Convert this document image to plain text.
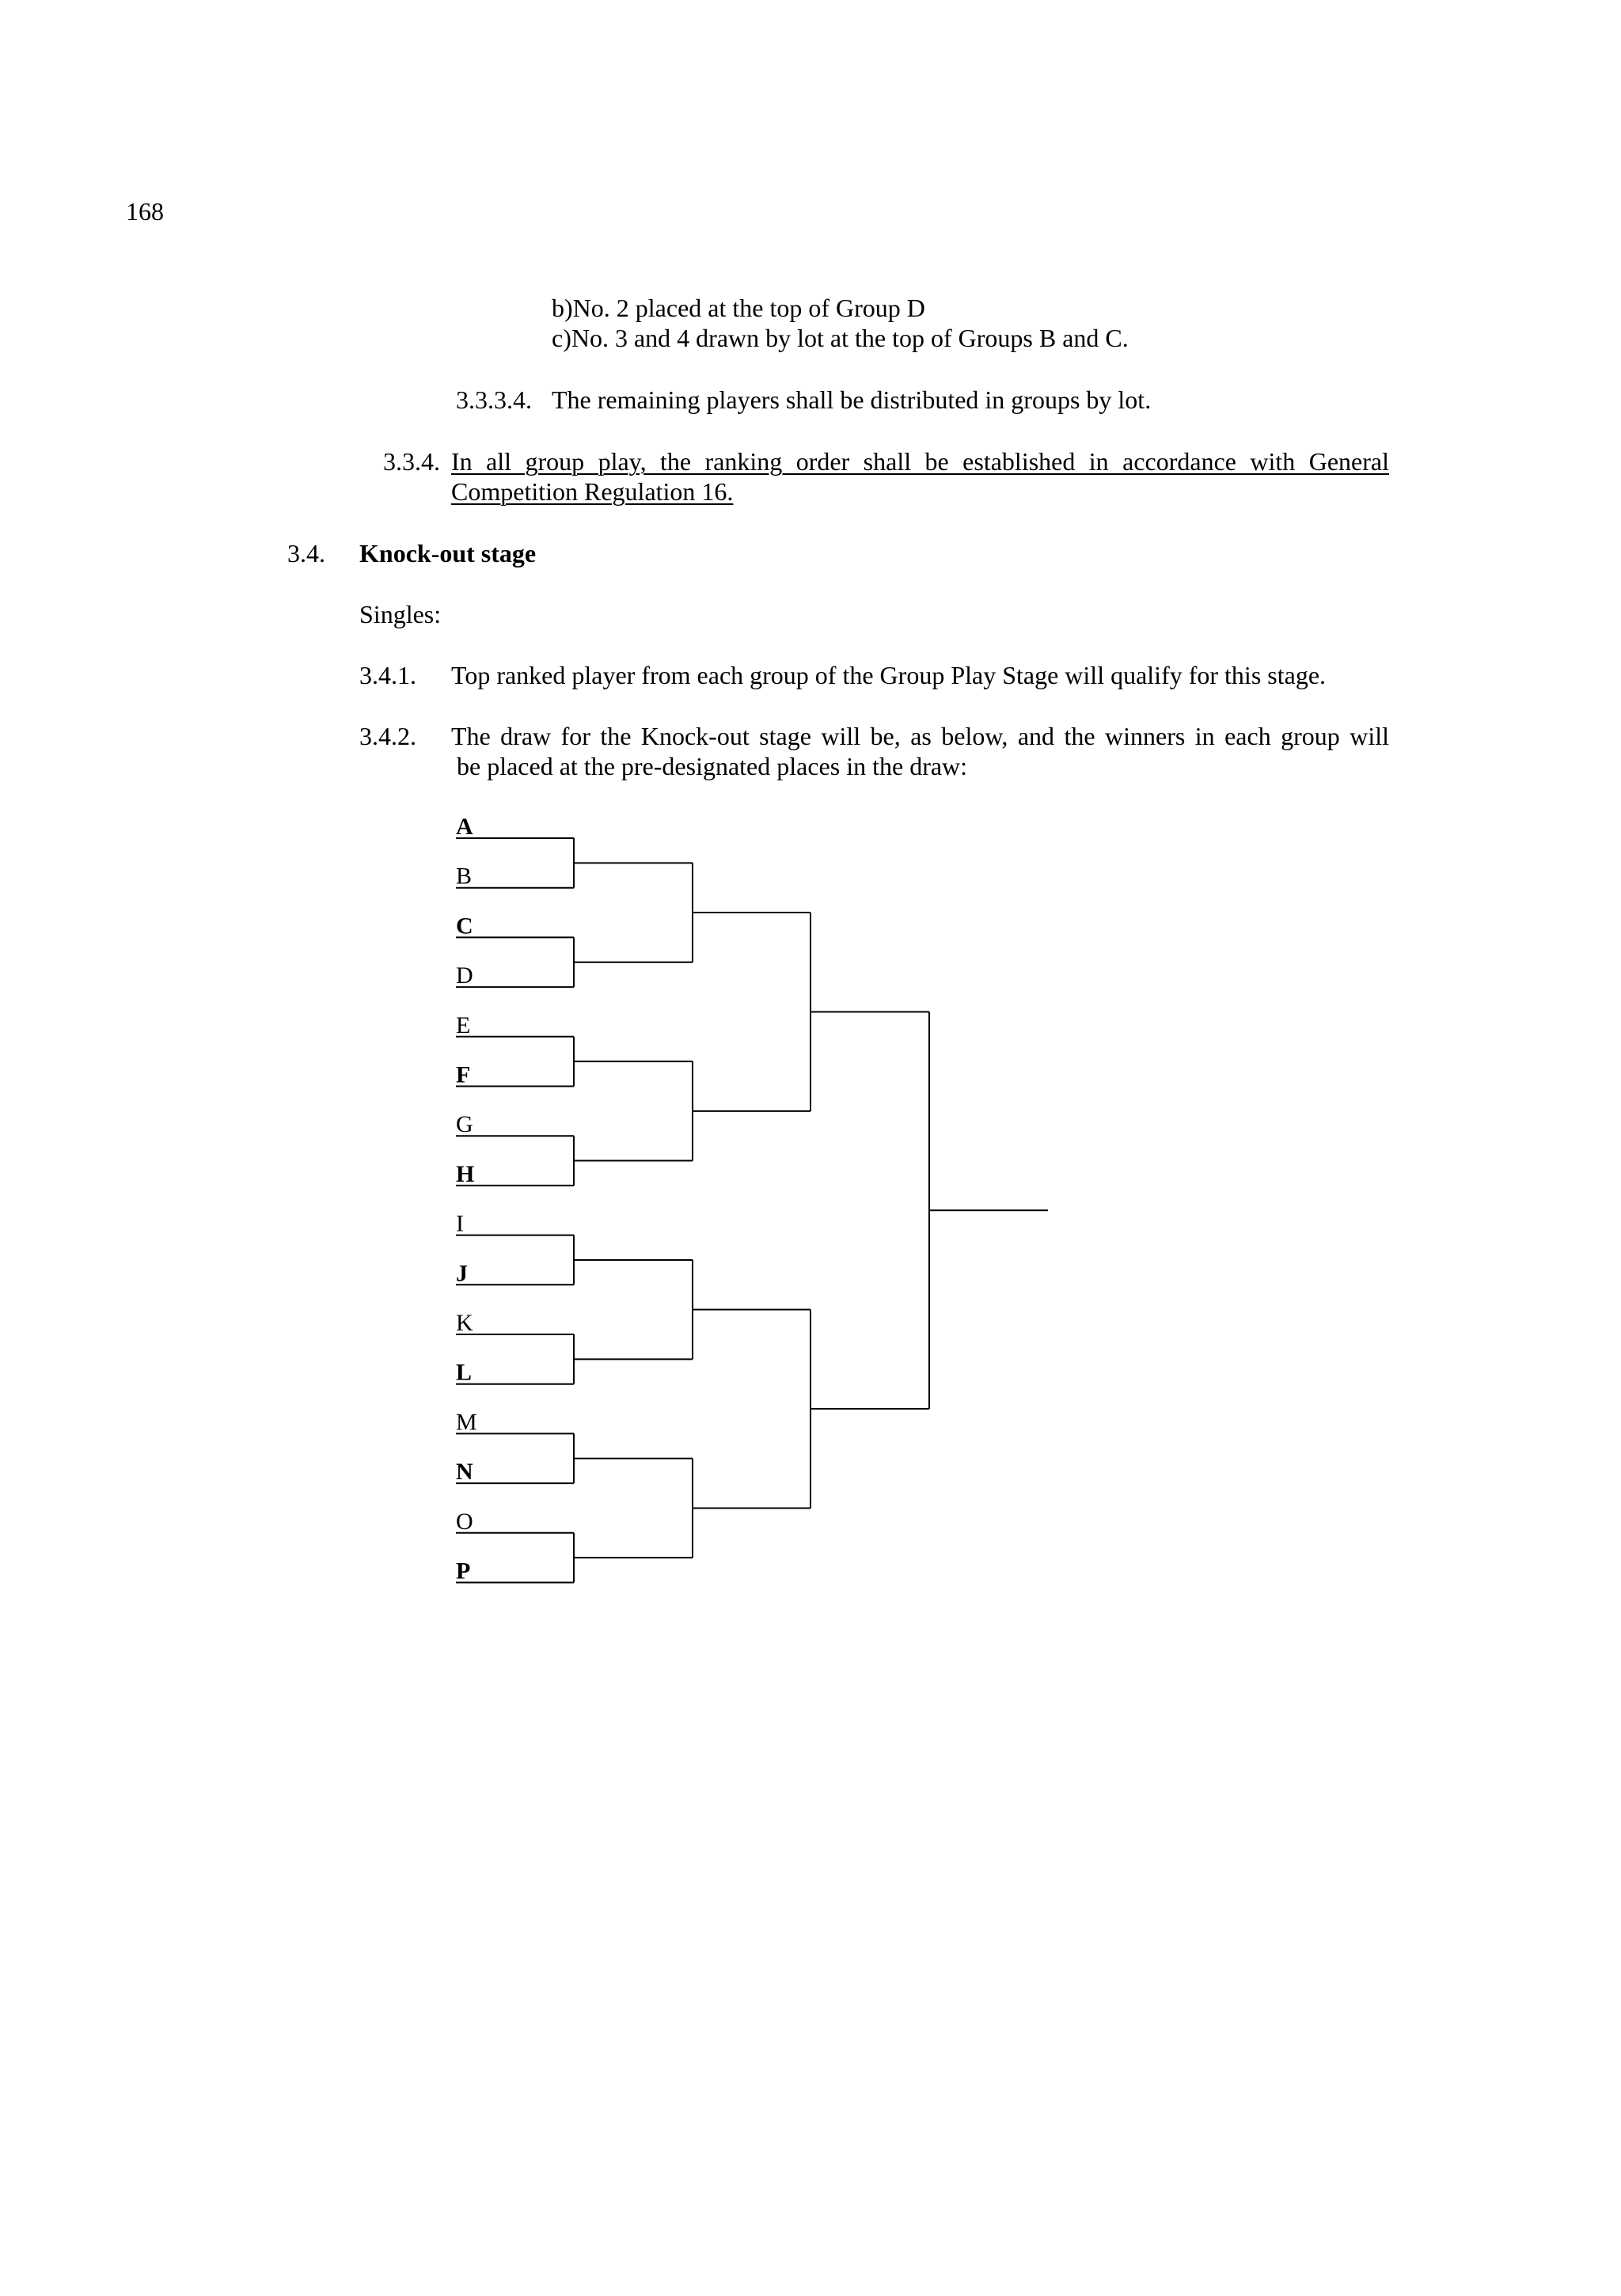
168
b)No. 2 placed at the top of Group D
c)No. 3 and 4 drawn by lot at the top of Groups B and C.
3.3.3.4. The remaining players shall be distributed in groups by lot.
3.3.4. In all group play, the ranking order shall be established in accordance with General
Competition Regulation 16.
3.4. Knock-out stage
Singles:
3.4.1. Top ranked player from each group of the Group Play Stage will qualify for this stage.
3.4.2. The draw for the Knock-out stage will be, as below, and the winners in each group will
be placed at the pre-designated places in the draw:
A
B
C
D
E
F
G
H
I
J
K
L
M
N
O
P
